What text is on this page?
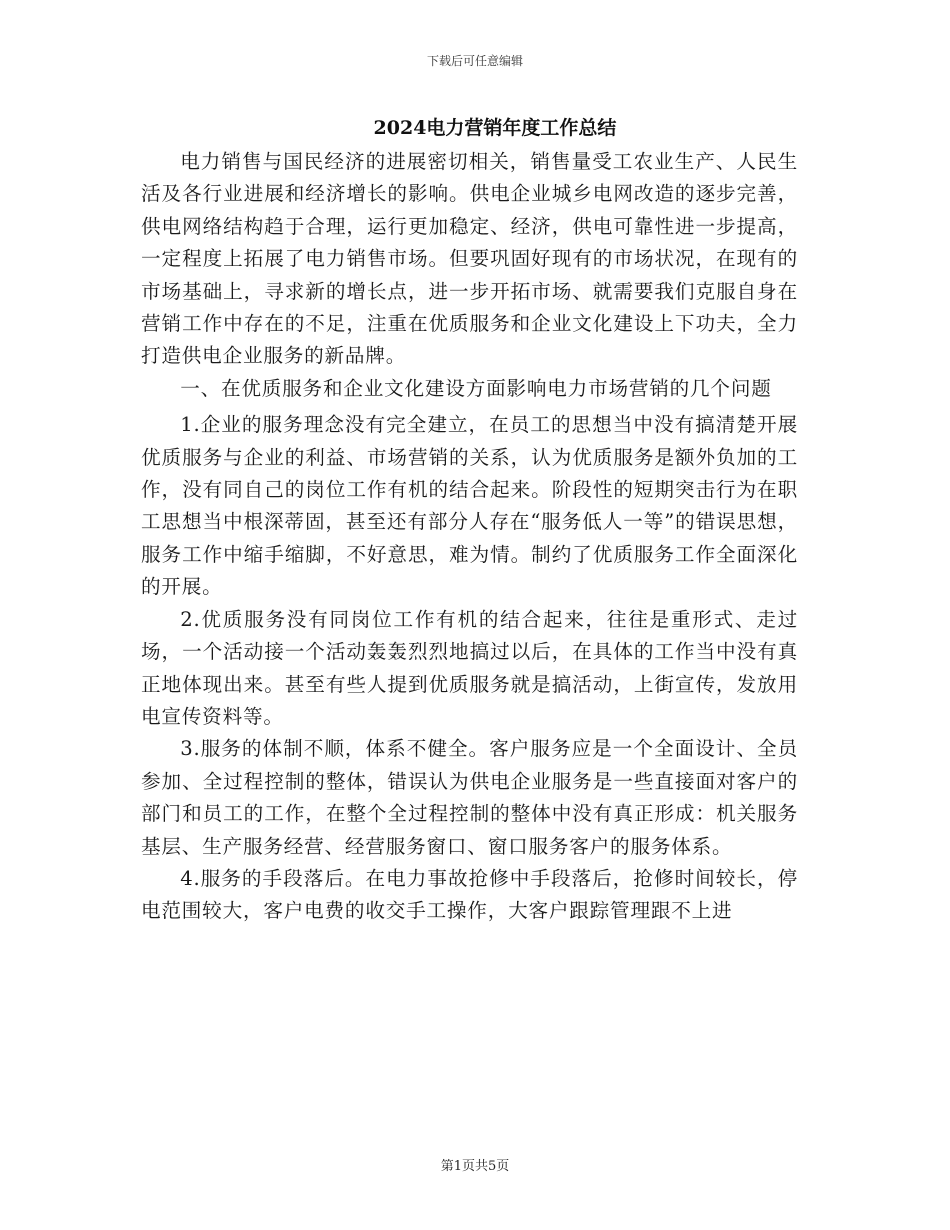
下载后可任意编辑
2024电力营销年度工作总结

电力销售与国民经济的进展密切相关，销售量受工农业生产、人民生活及各行业进展和经济增长的影响。供电企业城乡电网改造的逐步完善，供电网络结构趋于合理，运行更加稳定、经济，供电可靠性进一步提高，一定程度上拓展了电力销售市场。但要巩固好现有的市场状况，在现有的市场基础上，寻求新的增长点，进一步开拓市场、就需要我们克服自身在营销工作中存在的不足，注重在优质服务和企业文化建设上下功夫，全力打造供电企业服务的新品牌。

一、在优质服务和企业文化建设方面影响电力市场营销的几个问题

1.企业的服务理念没有完全建立，在员工的思想当中没有搞清楚开展优质服务与企业的利益、市场营销的关系，认为优质服务是额外负加的工作，没有同自己的岗位工作有机的结合起来。阶段性的短期突击行为在职工思想当中根深蒂固，甚至还有部分人存在“服务低人一等”的错误思想，服务工作中缩手缩脚，不好意思，难为情。制约了优质服务工作全面深化的开展。

2.优质服务没有同岗位工作有机的结合起来，往往是重形式、走过场，一个活动接一个活动轰轰烈烈地搞过以后，在具体的工作当中没有真正地体现出来。甚至有些人提到优质服务就是搞活动，上街宣传，发放用电宣传资料等。

3.服务的体制不顺，体系不健全。客户服务应是一个全面设计、全员参加、全过程控制的整体，错误认为供电企业服务是一些直接面对客户的部门和员工的工作，在整个全过程控制的整体中没有真正形成：机关服务基层、生产服务经营、经营服务窗口、窗口服务客户的服务体系。

4.服务的手段落后。在电力事故抢修中手段落后，抢修时间较长，停电范围较大，客户电费的收交手工操作，大客户跟踪管理跟不上进

第1页共5页
